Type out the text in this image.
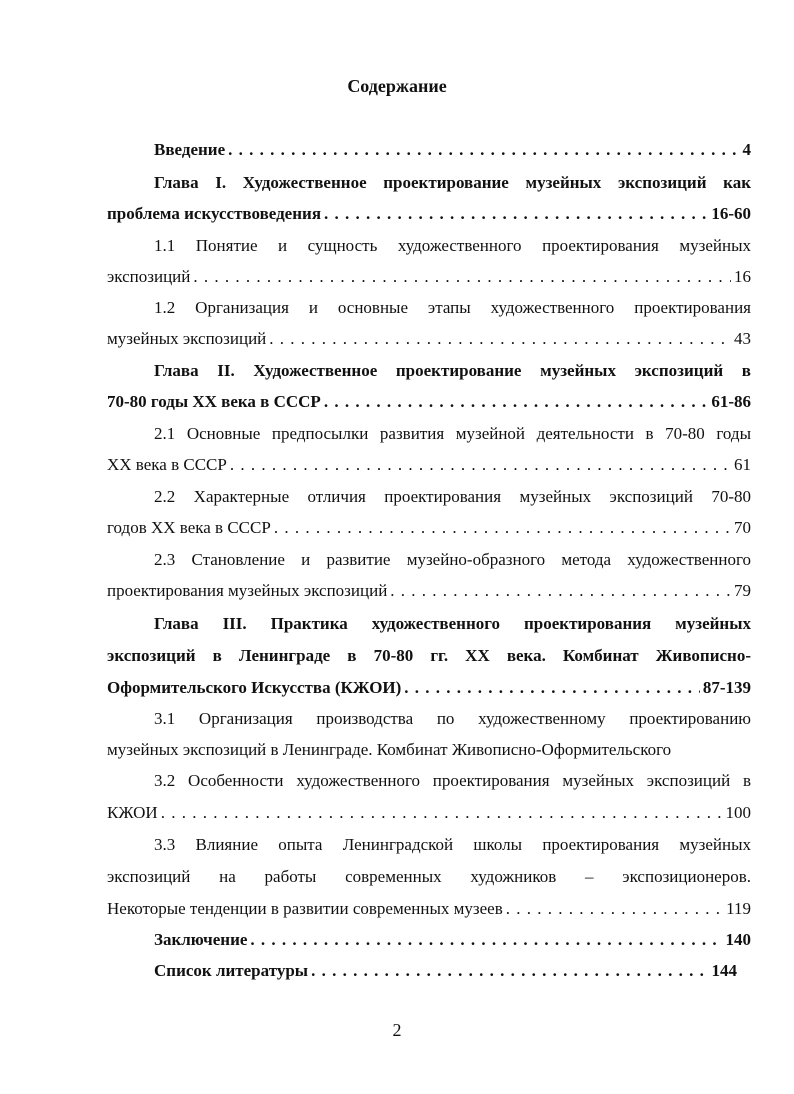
Содержание
Введение . . .	4
Глава I. Художественное проектирование музейных экспозиций как
проблема искусствоведения . . .	16-60
1.1 Понятие и сущность художественного проектирования музейных
экспозиций . . .	16
1.2 Организация и основные этапы художественного проектирования
музейных экспозиций . . .	43
Глава II. Художественное проектирование музейных экспозиций в
70-80 годы XX века в СССР . . .	61-86
2.1 Основные предпосылки развития музейной деятельности в 70-80 годы
XX века в СССР . . .	61
2.2 Характерные отличия проектирования музейных экспозиций 70-80
годов XX века в СССР . . .	70
2.3 Становление и развитие музейно-образного метода художественного
проектирования музейных экспозиций . . .	79
Глава III. Практика художественного проектирования музейных
экспозиций в Ленинграде в 70-80 гг. XX века. Комбинат Живописно-
Оформительского Искусства (КЖОИ) . . .	87-139
3.1 Организация производства по художественному проектированию
музейных экспозиций в Ленинграде. Комбинат Живописно-Оформительского
3.2 Особенности художественного проектирования музейных экспозиций в
КЖОИ . . .	100
3.3 Влияние опыта Ленинградской школы проектирования музейных
экспозиций на работы современных художников – экспозиционеров.
Некоторые тенденции в развитии современных музеев . . .	119
Заключение . . .	140
Список литературы . . .	144
2
